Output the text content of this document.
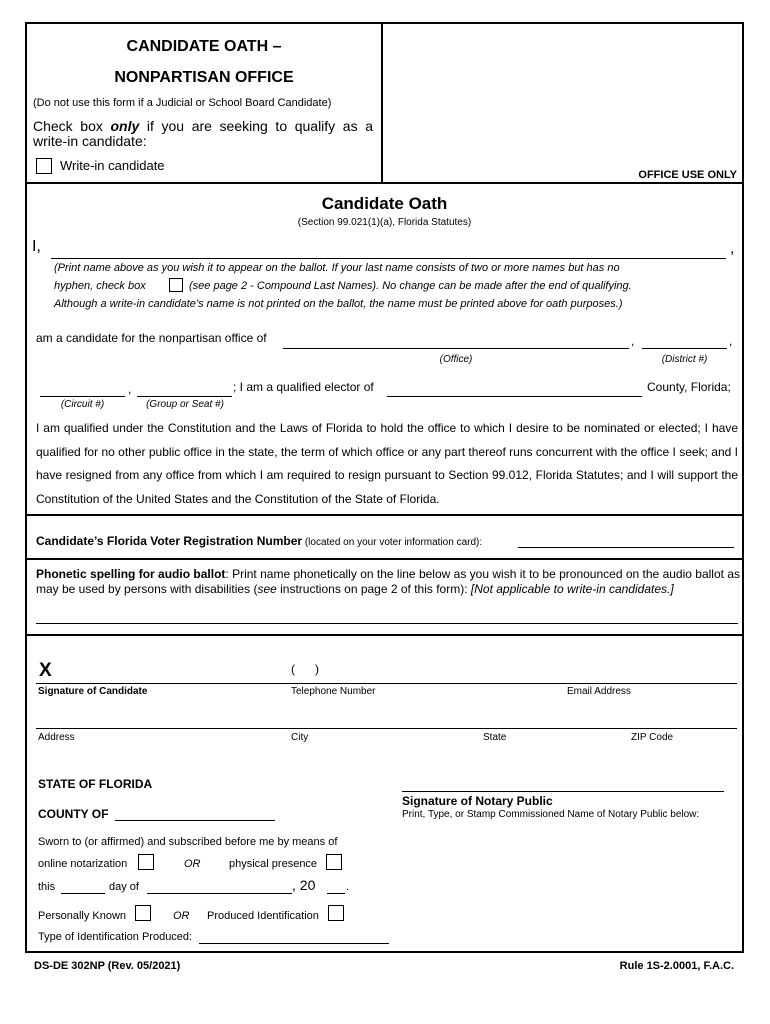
CANDIDATE OATH –
NONPARTISAN OFFICE
(Do not use this form if a Judicial or School Board Candidate)
Check box only if you are seeking to qualify as a write-in candidate:
Write-in candidate
OFFICE USE ONLY
Candidate Oath
(Section 99.021(1)(a), Florida Statutes)
I,	,
(Print name above as you wish it to appear on the ballot. If your last name consists of two or more names but has no
hyphen, check box	(see page 2 - Compound Last Names). No change can be made after the end of qualifying.
Although a write-in candidate’s name is not printed on the ballot, the name must be printed above for oath purposes.)
am a candidate for the nonpartisan office of	,	,
(Office)	(District #)
,	; I am a qualified elector of	County, Florida;
(Circuit #)	(Group or Seat #)
I am qualified under the Constitution and the Laws of Florida to hold the office to which I desire to be nominated or elected; I have qualified for no other public office in the state, the term of which office or any part thereof runs concurrent with the office I seek; and I have resigned from any office from which I am required to resign pursuant to Section 99.012, Florida Statutes; and I will support the Constitution of the United States and the Constitution of the State of Florida.
Candidate’s Florida Voter Registration Number (located on your voter information card):
Phonetic spelling for audio ballot: Print name phonetically on the line below as you wish it to be pronounced on the audio ballot as may be used by persons with disabilities (see instructions on page 2 of this form): [Not applicable to write-in candidates.]
X	(      )
Signature of Candidate	Telephone Number	Email Address
Address	City	State	ZIP Code
STATE OF FLORIDA
COUNTY OF
Sworn to (or affirmed) and subscribed before me by means of
online notarization	OR	physical presence
this	day of	, 20	.
Personally Known	OR Produced Identification
Type of Identification Produced:
Signature of Notary Public
Print, Type, or Stamp Commissioned Name of Notary Public below:
DS-DE 302NP (Rev. 05/2021)	Rule 1S-2.0001, F.A.C.
